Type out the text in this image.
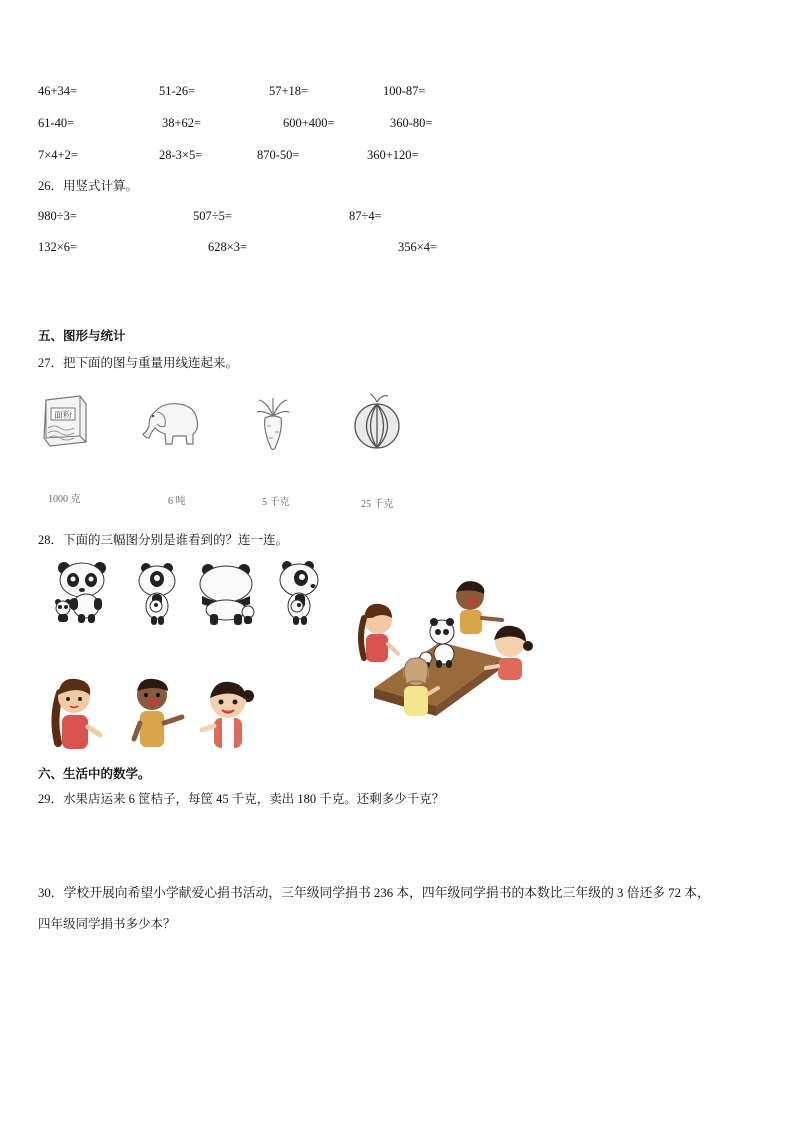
46+34=	51-26=	57+18=	100-87=
61-40=	38+62=	600+400=	360-80=
7×4+2=	28-3×5=	870-50=	360+120=
26．用竖式计算。
980÷3=	507÷5=	87÷4=
132×6=	628×3=	356×4=
五、图形与统计
27．把下面的图与重量用线连起来。
面粉
1000 克	6 吨	5 千克	25 千克
28．下面的三幅图分别是谁看到的？连一连。
六、生活中的数学。
29．水果店运来 6 筐桔子，每筐 45 千克，卖出 180 千克。还剩多少千克？
30．学校开展向希望小学献爱心捐书活动，三年级同学捐书 236 本，四年级同学捐书的本数比三年级的 3 倍还多 72 本，
四年级同学捐书多少本？
